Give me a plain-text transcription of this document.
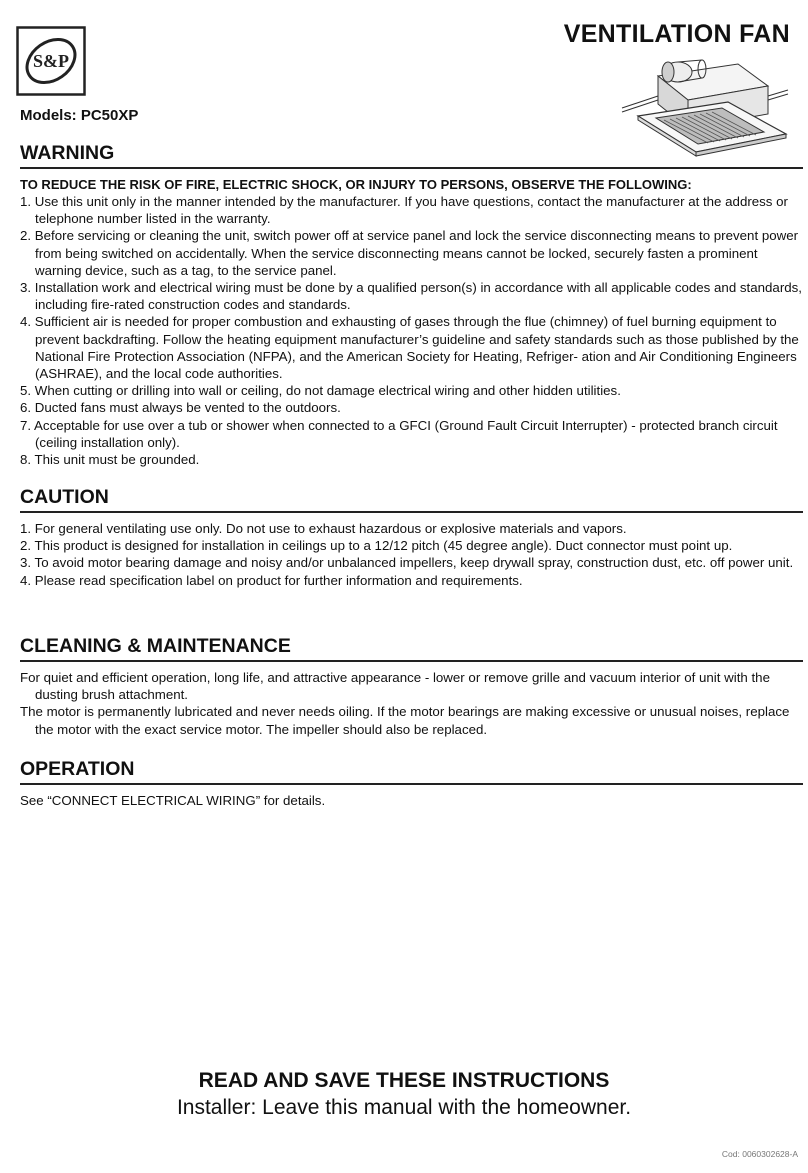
S&P
VENTILATION FAN
Models: PC50XP
WARNING

TO REDUCE THE RISK OF FIRE, ELECTRIC SHOCK, OR INJURY TO PERSONS, OBSERVE THE FOLLOWING:

1. Use this unit only in the manner intended by the manufacturer. If you have questions, contact the manufacturer at the address or telephone number listed in the warranty.
2. Before servicing or cleaning the unit, switch power off at service panel and lock the service disconnecting means to prevent power from being switched on accidentally. When the service disconnecting means cannot be locked, securely fasten a prominent warning device, such as a tag, to the service panel.
3. Installation work and electrical wiring must be done by a qualified person(s) in accordance with all applicable codes and standards, including fire-rated construction codes and standards.
4. Sufficient air is needed for proper combustion and exhausting of gases through the flue (chimney) of fuel burning equipment to prevent backdrafting. Follow the heating equipment manufacturer’s guideline and safety standards such as those published by the National Fire Protection Association (NFPA), and the American Society for Heating, Refriger- ation and Air Conditioning Engineers (ASHRAE), and the local code authorities.
5. When cutting or drilling into wall or ceiling, do not damage electrical wiring and other hidden utilities.
6. Ducted fans must always be vented to the outdoors.
7. Acceptable for use over a tub or shower when connected to a GFCI (Ground Fault Circuit Interrupter) - protected branch circuit (ceiling installation only).
8. This unit must be grounded.
CAUTION
1. For general ventilating use only. Do not use to exhaust hazardous or explosive materials and vapors.
2. This product is designed for installation in ceilings up to a 12/12 pitch (45 degree angle). Duct connector must point up.
3. To avoid motor bearing damage and noisy and/or unbalanced impellers, keep drywall spray, construction dust, etc. off power unit.
4. Please read specification label on product for further information and requirements.
CLEANING & MAINTENANCE

For quiet and efficient operation, long life, and attractive appearance - lower or remove grille and vacuum interior of unit with the dusting brush attachment.

The motor is permanently lubricated and never needs oiling. If the motor bearings are making excessive or unusual noises, replace the motor with the exact service motor. The impeller should also be replaced.

OPERATION

See “CONNECT ELECTRICAL WIRING” for details.

READ AND SAVE THESE INSTRUCTIONS
Installer: Leave this manual with the homeowner.
Cod: 0060302628-A
